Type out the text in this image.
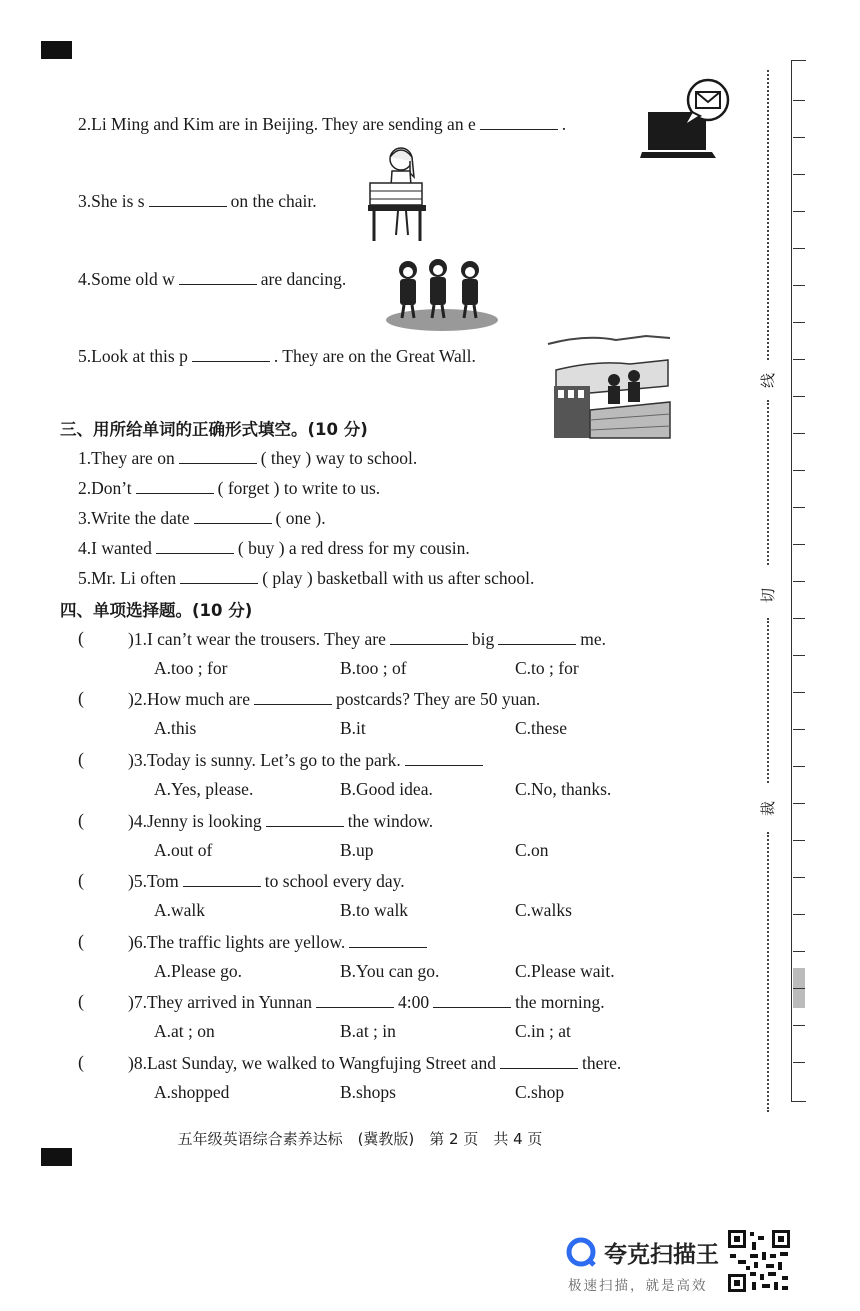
2.Li Ming and Kim are in Beijing. They are sending an e	.
3.She is s	on the chair.
4.Some old w	are dancing.
5.Look at this p	. They are on the Great Wall.
三、用所给单词的正确形式填空。(10 分)
1.They are on	( they ) way to school.
2.Don’t	( forget ) to write to us.
3.Write the date	( one ).
4.I wanted	( buy ) a red dress for my cousin.
5.Mr. Li often	( play ) basketball with us after school.
四、单项选择题。(10 分)
(	)1.I can’t wear the trousers. They are	big	me.
A.too ; for	B.too ; of	C.to ; for
(	)2.How much are	postcards? They are 50 yuan.
A.this	B.it	C.these
(	)3.Today is sunny. Let’s go to the park.
A.Yes, please.	B.Good idea.	C.No, thanks.
(	)4.Jenny is looking	the window.
A.out of	B.up	C.on
(	)5.Tom	to school every day.
A.walk	B.to walk	C.walks
(	)6.The traffic lights are yellow.
A.Please go.	B.You can go.	C.Please wait.
(	)7.They arrived in Yunnan	4:00	the morning.
A.at ; on	B.at ; in	C.in ; at
(	)8.Last Sunday, we walked to Wangfujing Street and	there.
A.shopped	B.shops	C.shop
五年级英语综合素养达标　(冀教版)　第 2 页　共 4 页
线
切
裁
夸克扫描王
极速扫描，就是高效
